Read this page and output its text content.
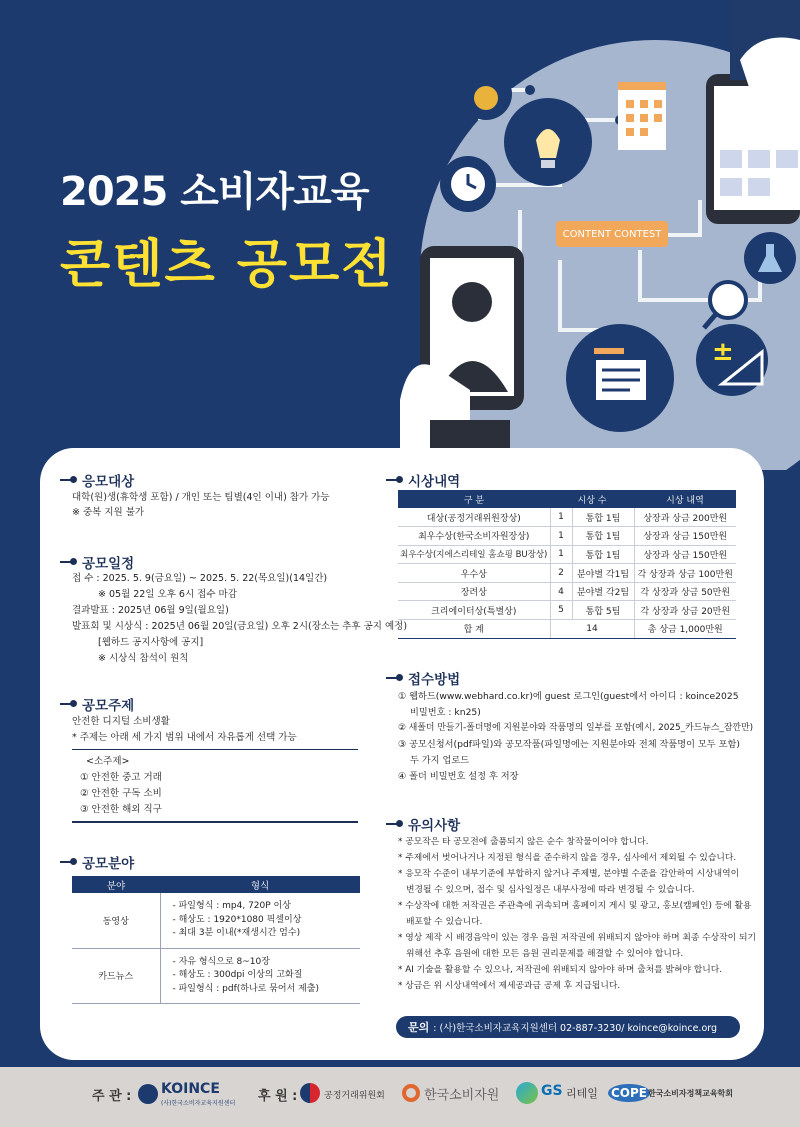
±
2025 소비자교육
콘텐츠 공모전
CONTENT CONTEST
응모대상
대학(원)생(휴학생 포함) / 개인 또는 팀별(4인 이내) 참가 가능
※ 중복 지원 불가
공모일정
접 수 : 2025. 5. 9(금요일) ~ 2025. 5. 22(목요일)(14일간)
※ 05월 22일 오후 6시 접수 마감
결과발표 : 2025년 06월 9일(월요일)
발표회 및 시상식 : 2025년 06월 20일(금요일) 오후 2시(장소는 추후 공지 예정)
[웹하드 공지사항에 공지]
※ 시상식 참석이 원칙
공모주제
안전한 디지털 소비생활
* 주제는 아래 세 가지 범위 내에서 자유롭게 선택 가능
<소주제>
① 안전한 중고 거래
② 안전한 구독 소비
③ 안전한 해외 직구
공모분야
분야	형식
동영상	- 파일형식 : mp4, 720P 이상
- 해상도 : 1920*1080 픽셀이상
- 최대 3분 이내(*재생시간 엄수)

카드뉴스	- 자유 형식으로 8~10장
- 해상도 : 300dpi 이상의 고화질
- 파일형식 : pdf(하나로 묶어서 제출)
시상내역
구 분	시상 수		시상 내역
대상(공정거래위원장상)	1	통합 1팀	상장과 상금 200만원
최우수상(한국소비자원장상)	1	통합 1팀	상장과 상금 150만원
최우수상(지에스리테일 홈쇼핑 BU장상)	1	통합 1팀	상장과 상금 150만원
우수상	2	분야별 각1팀	각 상장과 상금 100만원
장려상	4	분야별 각2팀	각 상장과 상금 50만원
크리에이터상(특별상)	5	통합 5팀	각 상장과 상금 20만원
합 계	14		총 상금 1,000만원
접수방법
① 웹하드(www.webhard.co.kr)에 guest 로그인(guest에서 아이디 : koince2025
비밀번호 : kn25)
② 새폴더 만들기-폴더명에 지원분야와 작품명의 일부를 포함(예시, 2025_카드뉴스_잠깐만)
③ 공모신청서(pdf파일)와 공모작품(파일명에는 지원분야와 전체 작품명이 모두 포함)
두 가지 업로드
④ 폴더 비밀번호 설정 후 저장
유의사항
* 공모작은 타 공모전에 출품되지 않은 순수 창작물이어야 합니다.
* 주제에서 벗어나거나 지정된 형식을 준수하지 않을 경우, 심사에서 제외될 수 있습니다.
* 응모작 수준이 내부기준에 부합하지 않거나 주제별, 분야별 수준을 감안하여 시상내역이
변경될 수 있으며, 접수 및 심사일정은 내부사정에 따라 변경될 수 있습니다.
* 수상작에 대한 저작권은 주관측에 귀속되며 홈페이지 게시 및 광고, 홍보(캠페인) 등에 활용
배포할 수 있습니다.
* 영상 제작 시 배경음악이 있는 경우 음원 저작권에 위배되지 않아야 하며 최종 수상작이 되기
위해선 추후 음원에 대한 모든 음원 권리문제를 해결할 수 있어야 합니다.
* AI 기술을 활용할 수 있으나, 저작권에 위배되지 않아야 하며 출처를 밝혀야 합니다.
* 상금은 위 시상내역에서 제세공과금 공제 후 지급됩니다.
문의 : (사)한국소비자교육지원센터 02-887-3230/ koince@koince.org
주 관 : KOINCE
(사)한국소비자교육지원센터 후 원 :	공정거래위원회	한국소비자원	GS 리테일 COPE 한국소비자정책교육학회
